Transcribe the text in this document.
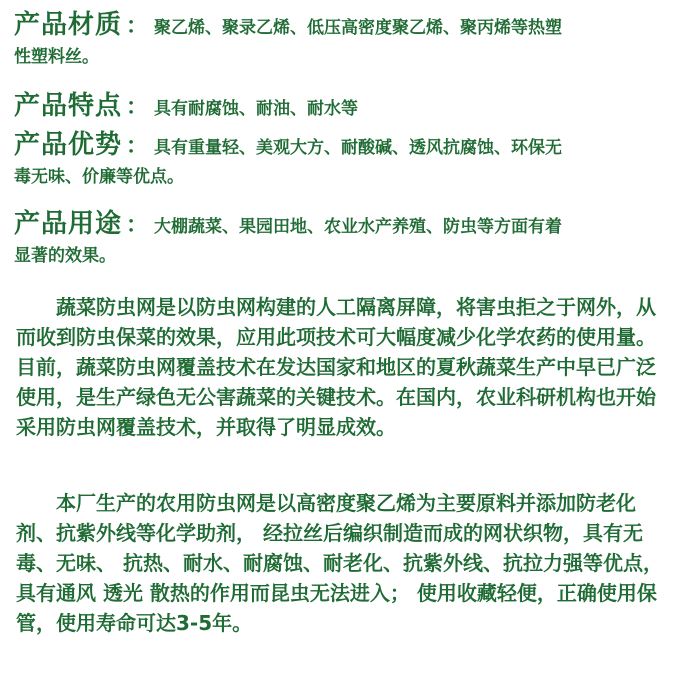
产品材质 ： 聚乙烯、聚录乙烯、低压高密度聚乙烯、聚丙烯等热塑
性塑料丝。
产品特点 ： 具有耐腐蚀、耐油、耐水等
产品优势 ： 具有重量轻、美观大方、耐酸碱、透风抗腐蚀、环保无
毒无味、价廉等优点。
产品用途 ： 大棚蔬菜、果园田地、农业水产养殖、防虫等方面有着
显著的效果。
蔬菜防虫网是以防虫网构建的人工隔离屏障，将害虫拒之于网外，从而收到防虫保菜的效果，应用此项技术可大幅度减少化学农药的使用量。目前，蔬菜防虫网覆盖技术在发达国家和地区的夏秋蔬菜生产中早已广泛使用，是生产绿色无公害蔬菜的关键技术。在国内，农业科研机构也开始采用防虫网覆盖技术，并取得了明显成效。
本厂生产的农用防虫网是以高密度聚乙烯为主要原料并添加防老化剂、抗紫外线等化学助剂， 经拉丝后编织制造而成的网状织物，具有无毒、无味、 抗热、耐水、耐腐蚀、耐老化、抗紫外线、抗拉力强等优点，具有通风 透光 散热的作用而昆虫无法进入； 使用收藏轻便，正确使用保管，使用寿命可达3-5年。
